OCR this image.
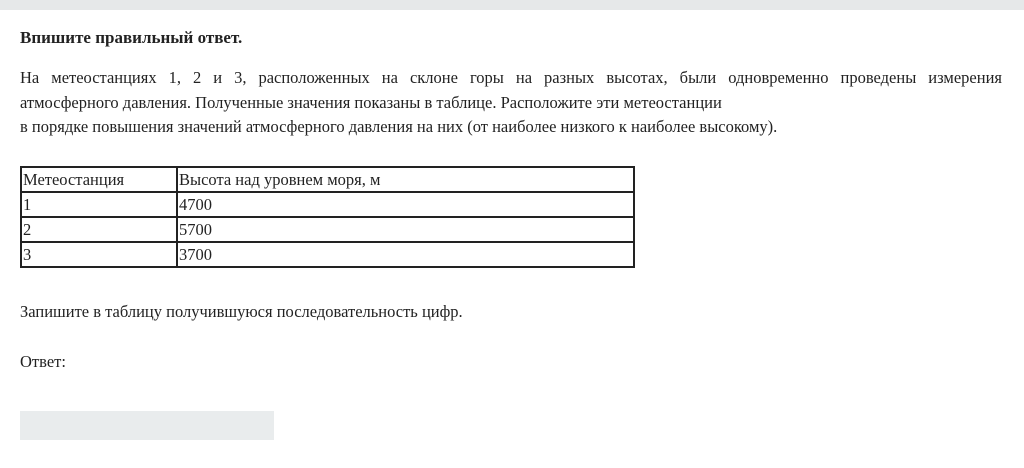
Впишите правильный ответ.

На метеостанциях 1, 2 и 3, расположенных на склоне горы на разных высотах, были одновременно проведены измерения
атмосферного давления. Полученные значения показаны в таблице. Расположите эти метеостанции
в порядке повышения значений атмосферного давления на них (от наиболее низкого к наиболее высокому).

Метеостанция	Высота над уровнем моря, м
1	4700
2	5700
3	3700

Запишите в таблицу получившуюся последовательность цифр.

Ответ:
